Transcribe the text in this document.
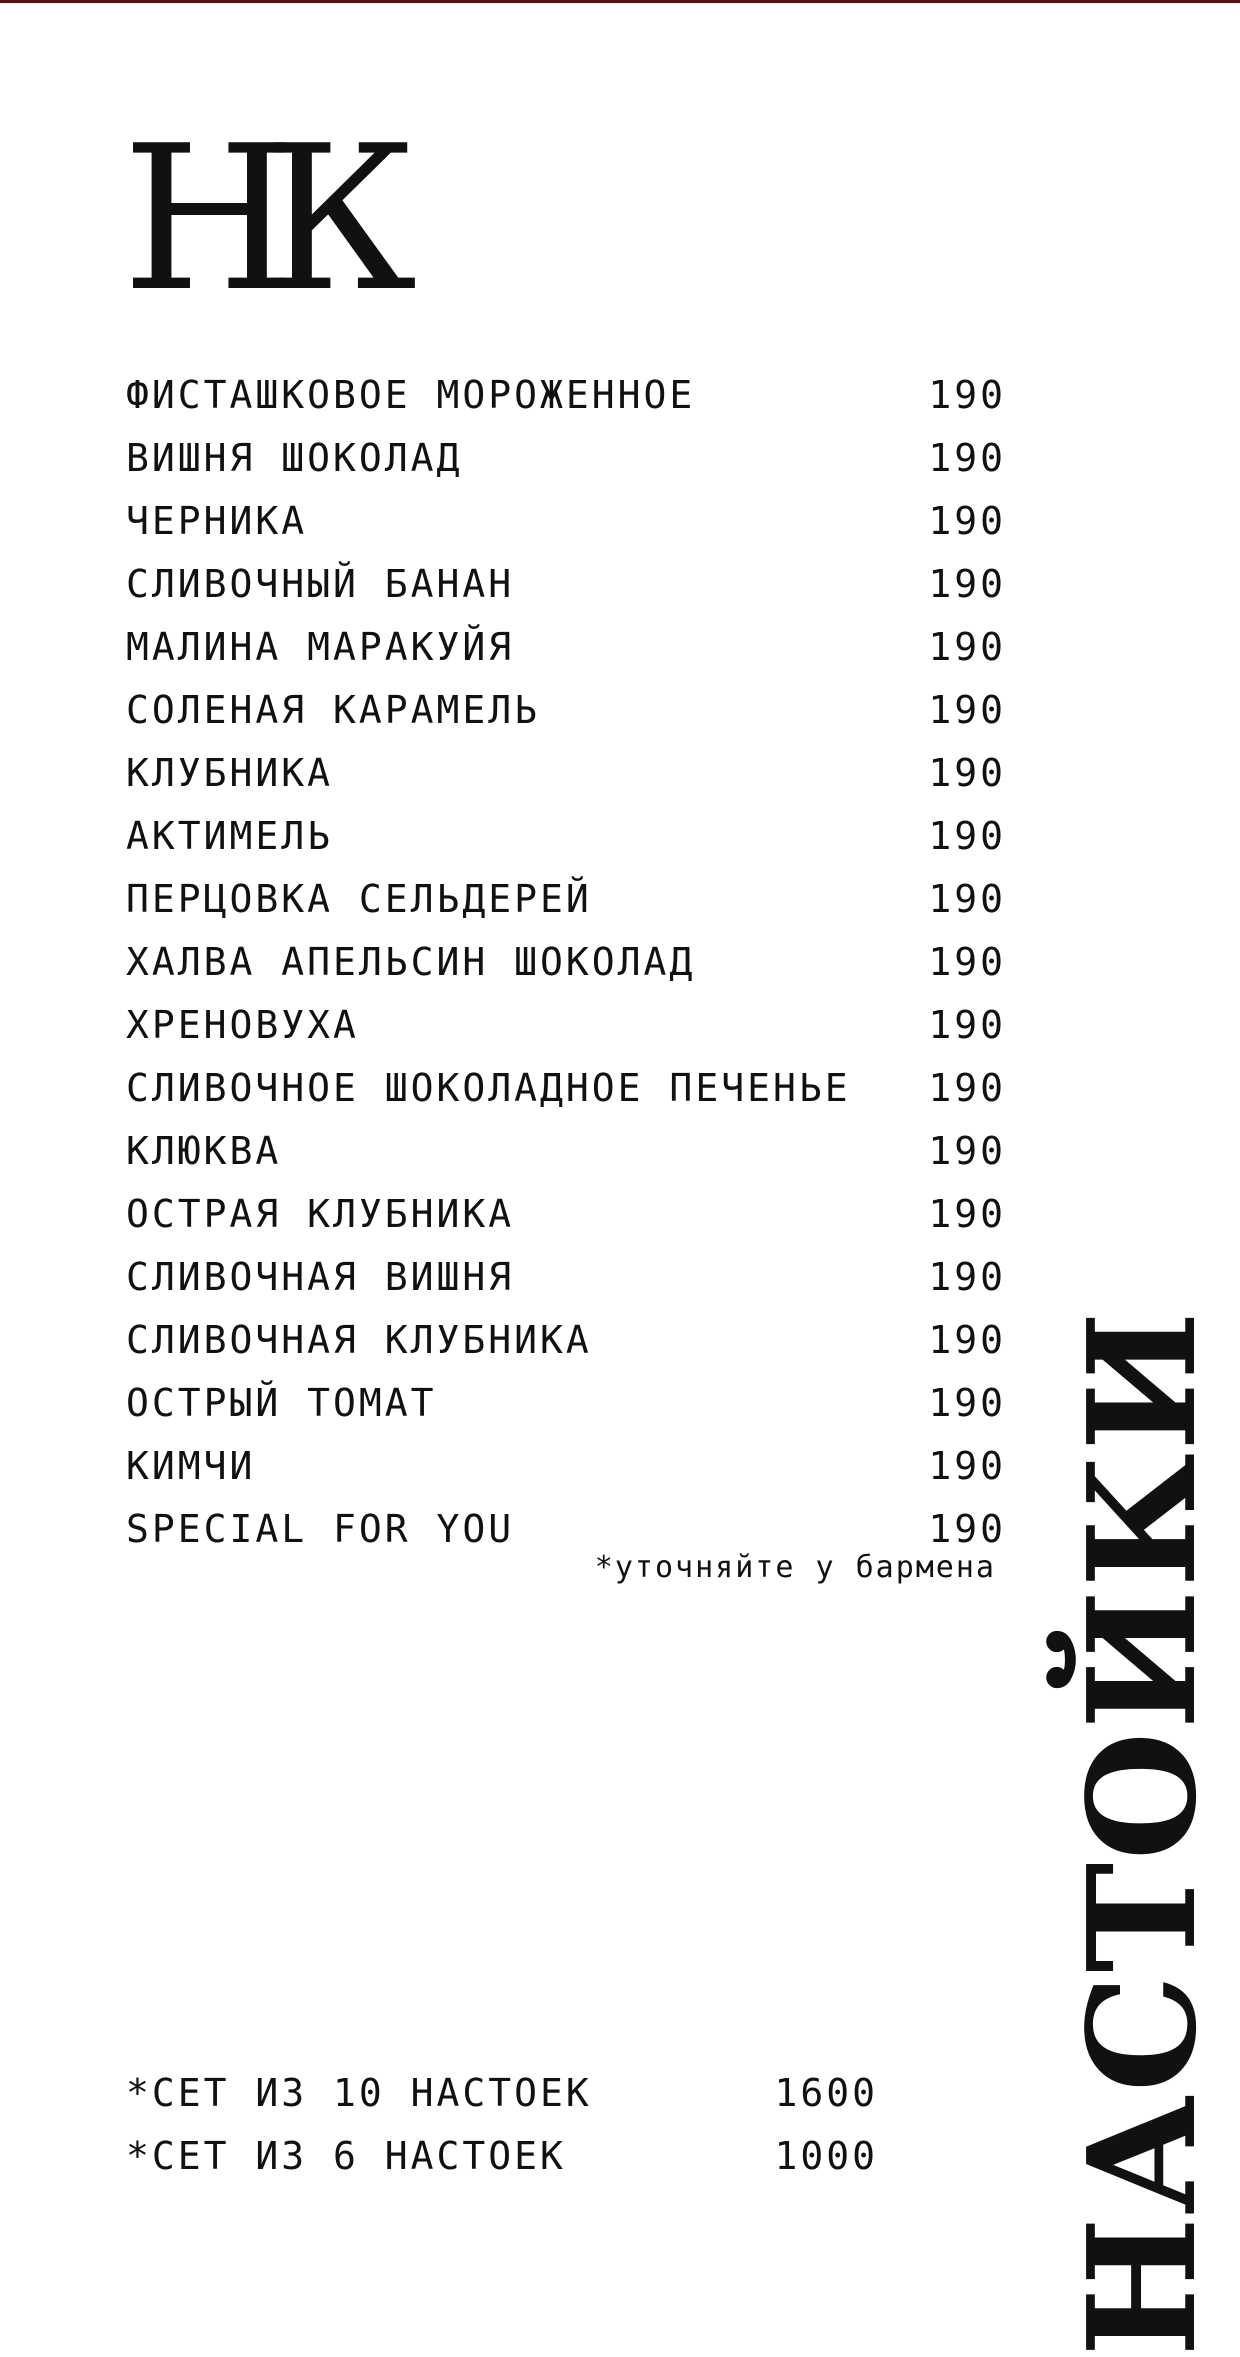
НК
ФИСТАШКОВОЕ МОРОЖЕННОЕ	190
ВИШНЯ ШОКОЛАД	190
ЧЕРНИКА	190
СЛИВОЧНЫЙ БАНАН	190
МАЛИНА МАРАКУЙЯ	190
СОЛЕНАЯ КАРАМЕЛЬ	190
КЛУБНИКА	190
АКТИМЕЛЬ	190
ПЕРЦОВКА СЕЛЬДЕРЕЙ	190
ХАЛВА АПЕЛЬСИН ШОКОЛАД	190
ХРЕНОВУХА	190
СЛИВОЧНОЕ ШОКОЛАДНОЕ ПЕЧЕНЬЕ 190
КЛЮКВА	190
ОСТРАЯ КЛУБНИКА	190
СЛИВОЧНАЯ ВИШНЯ	190
СЛИВОЧНАЯ КЛУБНИКА	190
ОСТРЫЙ ТОМАТ	190
КИМЧИ	190
SPECIAL FOR YOU	190
*уточняйте у бармена
*СЕТ ИЗ 10 НАСТОЕК	1600
*СЕТ ИЗ 6 НАСТОЕК	1000 НАСТОЙКИ
